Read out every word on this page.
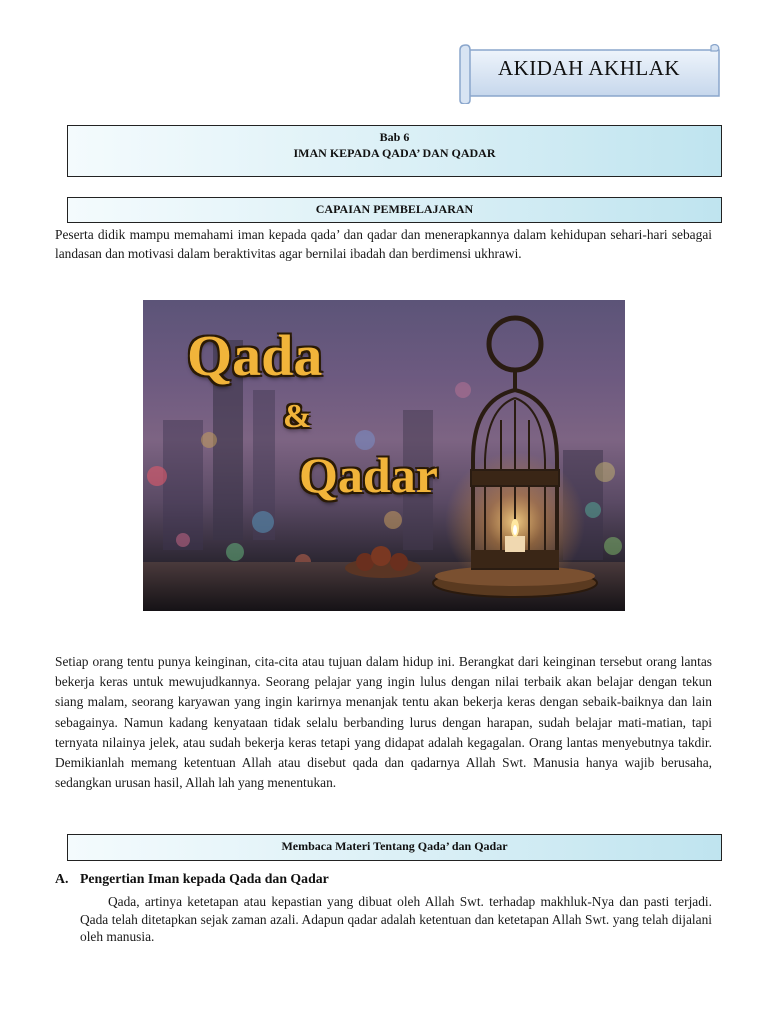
AKIDAH AKHLAK
Bab 6
IMAN KEPADA QADA’ DAN QADAR
CAPAIAN PEMBELAJARAN

Peserta didik mampu memahami iman kepada qada’ dan qadar dan menerapkannya dalam kehidupan sehari-hari sebagai landasan dan motivasi dalam beraktivitas agar bernilai ibadah dan berdimensi ukhrawi.

Qada
&
Qadar

Setiap orang tentu punya keinginan, cita-cita atau tujuan dalam hidup ini. Berangkat dari keinginan tersebut orang lantas bekerja keras untuk mewujudkannya. Seorang pelajar yang ingin lulus dengan nilai terbaik akan belajar dengan tekun siang malam, seorang karyawan yang ingin karirnya menanjak tentu akan bekerja keras dengan sebaik-baiknya dan lain sebagainya. Namun kadang kenyataan tidak selalu berbanding lurus dengan harapan, sudah belajar mati-matian, tapi ternyata nilainya jelek, atau sudah bekerja keras tetapi yang didapat adalah kegagalan. Orang lantas menyebutnya takdir. Demikianlah memang ketentuan Allah atau disebut qada dan qadarnya Allah Swt. Manusia hanya wajib berusaha, sedangkan urusan hasil, Allah lah yang menentukan.

Membaca Materi Tentang Qada’ dan Qadar
A. Pengertian Iman kepada Qada dan Qadar

Qada, artinya ketetapan atau kepastian yang dibuat oleh Allah Swt. terhadap makhluk-Nya dan pasti terjadi. Qada telah ditetapkan sejak zaman azali. Adapun qadar adalah ketentuan dan ketetapan Allah Swt. yang telah dijalani oleh manusia.
